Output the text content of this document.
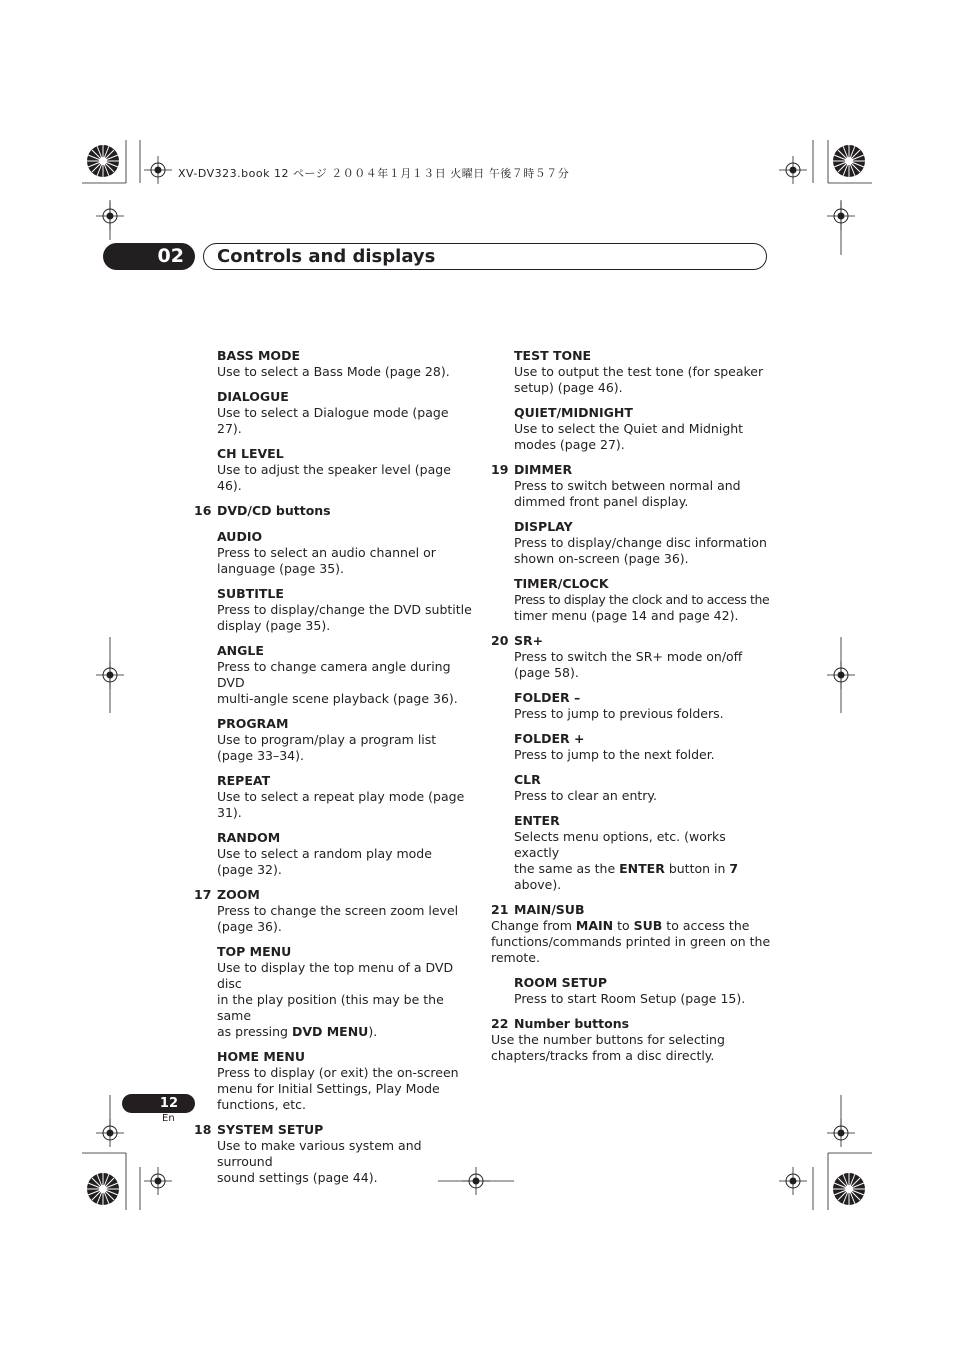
XV-DV323.book 12 ページ ２００４年１月１３日 火曜日 午後７時５７分
02	Controls and displays
BASS MODE
Use to select a Bass Mode (page 28).
DIALOGUE
Use to select a Dialogue mode (page 27).
CH LEVEL
Use to adjust the speaker level (page 46).
16 DVD/CD buttons
AUDIO
Press to select an audio channel or
language (page 35).
SUBTITLE
Press to display/change the DVD subtitle
display (page 35).
ANGLE
Press to change camera angle during DVD
multi-angle scene playback (page 36).
PROGRAM
Use to program/play a program list
(page 33–34).
REPEAT
Use to select a repeat play mode (page 31).
RANDOM
Use to select a random play mode
(page 32).
17 ZOOM
Press to change the screen zoom level
(page 36).
TOP MENU
Use to display the top menu of a DVD disc
in the play position (this may be the same
as pressing DVD MENU).
HOME MENU
Press to display (or exit) the on-screen
menu for Initial Settings, Play Mode
functions, etc.
18 SYSTEM SETUP
Use to make various system and surround
sound settings (page 44).
TEST TONE
Use to output the test tone (for speaker
setup) (page 46).
QUIET/MIDNIGHT
Use to select the Quiet and Midnight
modes (page 27).
19 DIMMER
Press to switch between normal and
dimmed front panel display.
DISPLAY
Press to display/change disc information
shown on-screen (page 36).
TIMER/CLOCK
Press to display the clock and to access the
timer menu (page 14 and page 42).
20 SR+
Press to switch the SR+ mode on/off
(page 58).
FOLDER –
Press to jump to previous folders.
FOLDER +
Press to jump to the next folder.
CLR
Press to clear an entry.
ENTER
Selects menu options, etc. (works exactly
the same as the ENTER button in 7 above).
21 MAIN/SUB
Change from MAIN to SUB to access the
functions/commands printed in green on the
remote.
ROOM SETUP
Press to start Room Setup (page 15).
22 Number buttons
Use the number buttons for selecting
chapters/tracks from a disc directly.
12
En
